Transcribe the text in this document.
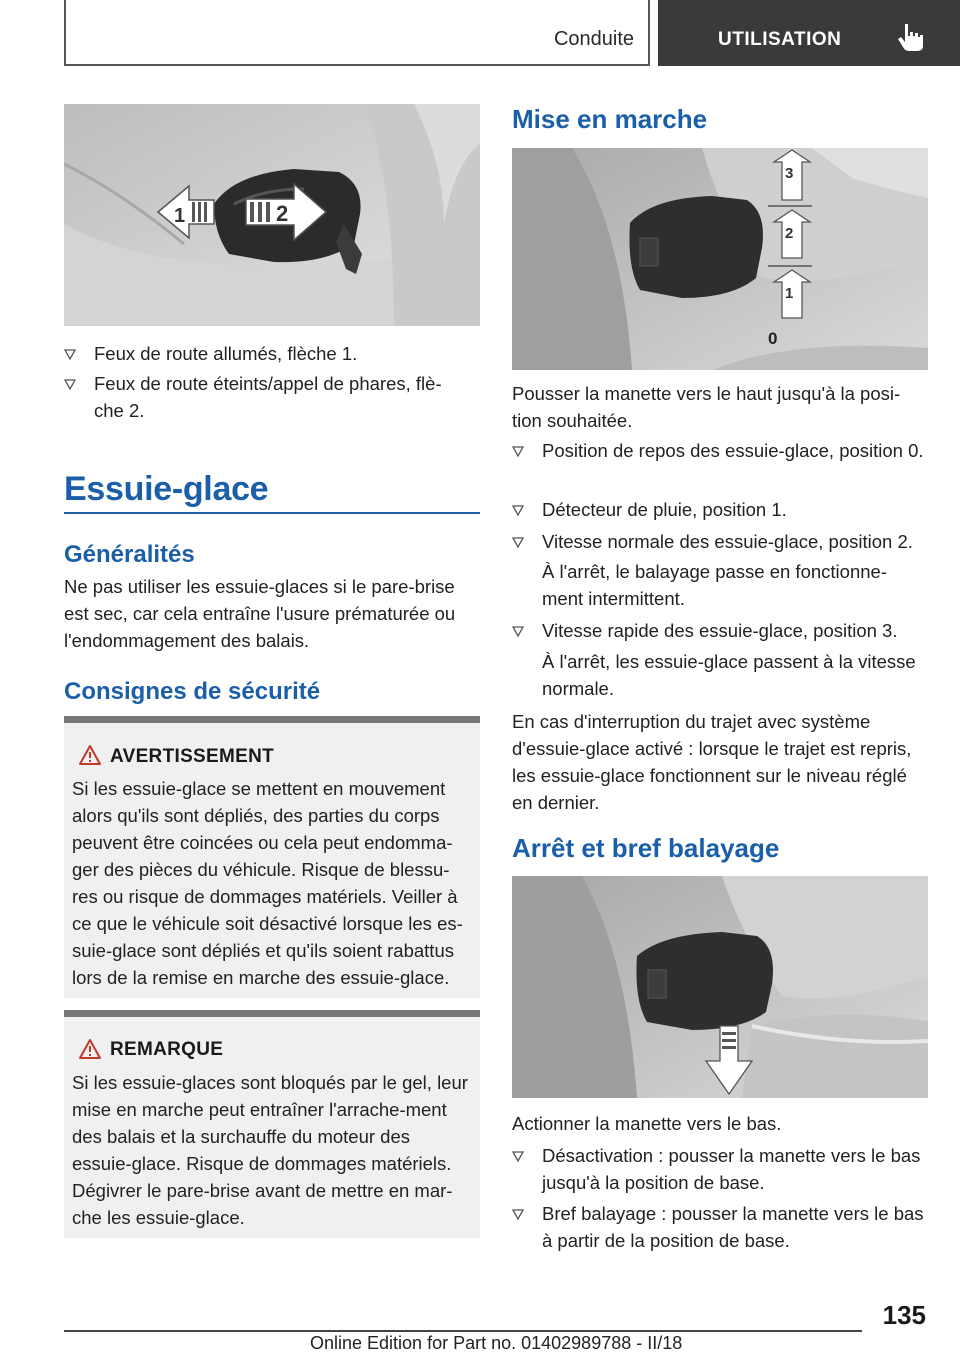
Conduite	UTILISATION
1	2
Feux de route allumés, flèche 1.
Feux de route éteints/appel de phares, flè-
che 2.
Essuie-glace
Généralités
Ne pas utiliser les essuie-glaces si le pare-brise est sec, car cela entraîne l'usure prématurée ou l'endommagement des balais.
Consignes de sécurité
AVERTISSEMENT
Si les essuie-glace se mettent en mouvement alors qu'ils sont dépliés, des parties du corps peuvent être coincées ou cela peut endomma-ger des pièces du véhicule. Risque de blessu-res ou risque de dommages matériels. Veiller à ce que le véhicule soit désactivé lorsque les es-suie-glace sont dépliés et qu'ils soient rabattus lors de la remise en marche des essuie-glace.
REMARQUE
Si les essuie-glaces sont bloqués par le gel, leur mise en marche peut entraîner l'arrache-ment des balais et la surchauffe du moteur des essuie-glace. Risque de dommages matériels. Dégivrer le pare-brise avant de mettre en mar-che les essuie-glace.
Mise en marche
3
2
1
0
Pousser la manette vers le haut jusqu'à la posi-tion souhaitée.
Position de repos des essuie-glace, position 0.
Détecteur de pluie, position 1.
Vitesse normale des essuie-glace, position 2.
À l'arrêt, le balayage passe en fonctionne-ment intermittent.
Vitesse rapide des essuie-glace, position 3.
À l'arrêt, les essuie-glace passent à la vitesse normale.
En cas d'interruption du trajet avec système d'essuie-glace activé : lorsque le trajet est repris, les essuie-glace fonctionnent sur le niveau réglé en dernier.
Arrêt et bref balayage
Actionner la manette vers le bas.
Désactivation : pousser la manette vers le bas jusqu'à la position de base.
Bref balayage : pousser la manette vers le bas à partir de la position de base.
135
Online Edition for Part no. 01402989788 - II/18
